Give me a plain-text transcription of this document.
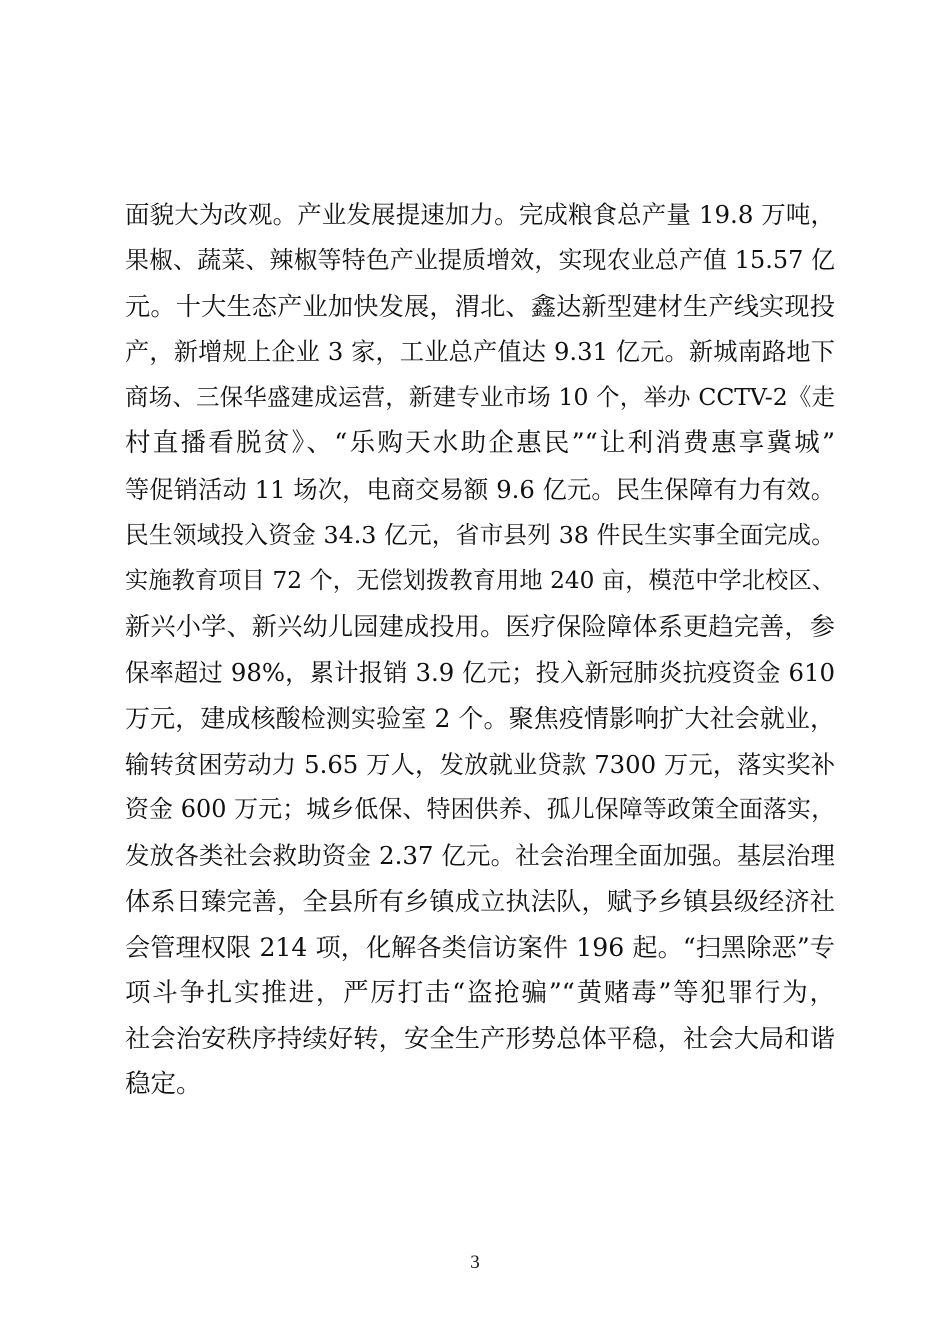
面貌大为改观。产业发展提速加力。完成粮食总产量 19.8 万吨，
果椒、蔬菜、辣椒等特色产业提质增效，实现农业总产值 15.57 亿
元。十大生态产业加快发展，渭北、鑫达新型建材生产线实现投
产，新增规上企业 3 家，工业总产值达 9.31 亿元。新城南路地下
商场、三保华盛建成运营，新建专业市场 10 个，举办 CCTV-2《走
村直播看脱贫》、“乐购天水助企惠民”“让利消费惠享冀城”
等促销活动 11 场次，电商交易额 9.6 亿元。民生保障有力有效。
民生领域投入资金 34.3 亿元，省市县列 38 件民生实事全面完成。
实施教育项目 72 个，无偿划拨教育用地 240 亩，模范中学北校区、
新兴小学、新兴幼儿园建成投用。医疗保险障体系更趋完善，参
保率超过 98%，累计报销 3.9 亿元；投入新冠肺炎抗疫资金 610
万元，建成核酸检测实验室 2 个。聚焦疫情影响扩大社会就业，
输转贫困劳动力 5.65 万人，发放就业贷款 7300 万元，落实奖补
资金 600 万元；城乡低保、特困供养、孤儿保障等政策全面落实，
发放各类社会救助资金 2.37 亿元。社会治理全面加强。基层治理
体系日臻完善，全县所有乡镇成立执法队，赋予乡镇县级经济社
会管理权限 214 项，化解各类信访案件 196 起。“扫黑除恶”专
项斗争扎实推进，严厉打击“盗抢骗”“黄赌毒”等犯罪行为，
社会治安秩序持续好转，安全生产形势总体平稳，社会大局和谐
稳定。
3
